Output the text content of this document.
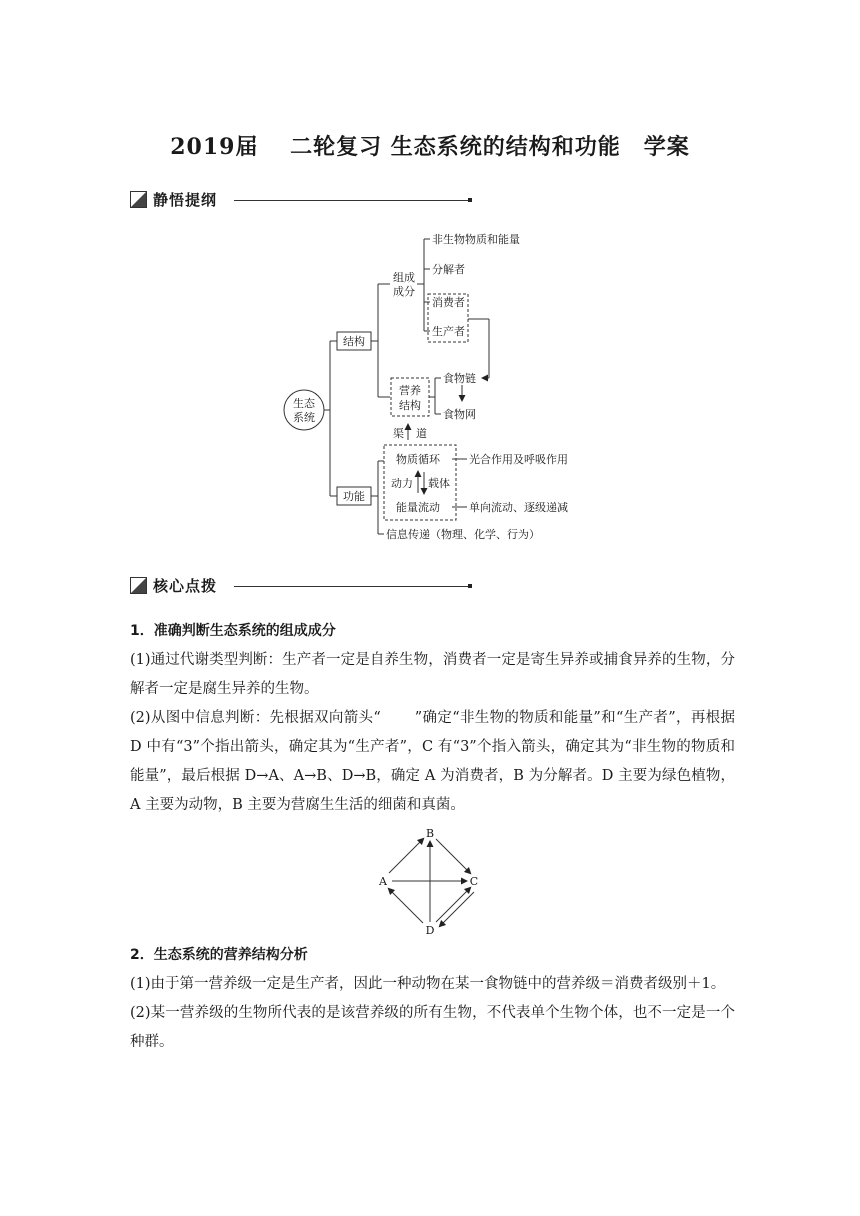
2019届　 二轮复习 生态系统的结构和功能　学案
静悟提纲
生态
系统
结构
功能
组成
成分
非生物物质和能量
分解者
消费者
生产者
营养
结构
食物链
食物网
渠 道
物质循环
动力 载体
能量流动
光合作用及呼吸作用
单向流动、逐级递减
信息传递（物理、化学、行为）
核心点拨
1．准确判断生态系统的组成成分
(1)通过代谢类型判断：生产者一定是自养生物，消费者一定是寄生异养或捕食异养的生物，分解者一定是腐生异养的生物。
(2)从图中信息判断：先根据双向箭头“ ”确定“非生物的物质和能量”和“生产者”，再根据 D 中有“3”个指出箭头，确定其为“生产者”，C 有“3”个指入箭头，确定其为“非生物的物质和能量”，最后根据 D→A、A→B、D→B，确定 A 为消费者，B 为分解者。D 主要为绿色植物，A 主要为动物，B 主要为营腐生生活的细菌和真菌。
B
A	C
D
2．生态系统的营养结构分析
(1)由于第一营养级一定是生产者，因此一种动物在某一食物链中的营养级＝消费者级别＋1。
(2)某一营养级的生物所代表的是该营养级的所有生物，不代表单个生物个体，也不一定是一个种群。
